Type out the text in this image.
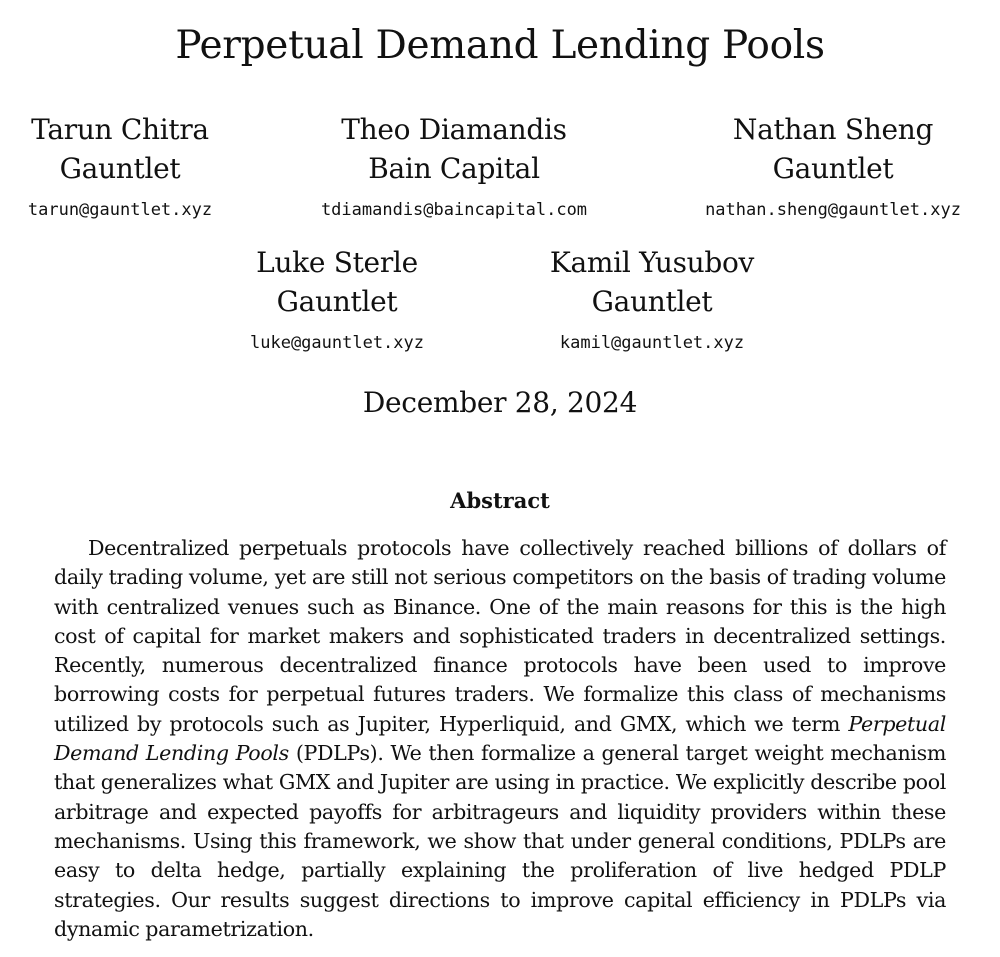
Perpetual Demand Lending Pools
Tarun Chitra
Gauntlet
tarun@gauntlet.xyz
Theo Diamandis
Bain Capital
tdiamandis@baincapital.com
Nathan Sheng
Gauntlet
nathan.sheng@gauntlet.xyz
Luke Sterle
Gauntlet
luke@gauntlet.xyz
Kamil Yusubov
Gauntlet
kamil@gauntlet.xyz
December 28, 2024
Abstract

Decentralized perpetuals protocols have collectively reached billions of dollars of daily trading volume, yet are still not serious competitors on the basis of trading volume with centralized venues such as Binance. One of the main reasons for this is the high cost of capital for market makers and sophisticated traders in decentralized settings. Recently, numerous decentralized finance protocols have been used to improve borrowing costs for perpetual futures traders. We formalize this class of mechanisms utilized by protocols such as Jupiter, Hyperliquid, and GMX, which we term Perpetual Demand Lending Pools (PDLPs). We then formalize a general target weight mechanism that generalizes what GMX and Jupiter are using in practice. We explicitly describe pool arbitrage and expected payoffs for arbitrageurs and liquidity providers within these mechanisms. Using this framework, we show that under general conditions, PDLPs are easy to delta hedge, partially explaining the proliferation of live hedged PDLP strategies. Our results suggest directions to improve capital efficiency in PDLPs via dynamic parametrization.
